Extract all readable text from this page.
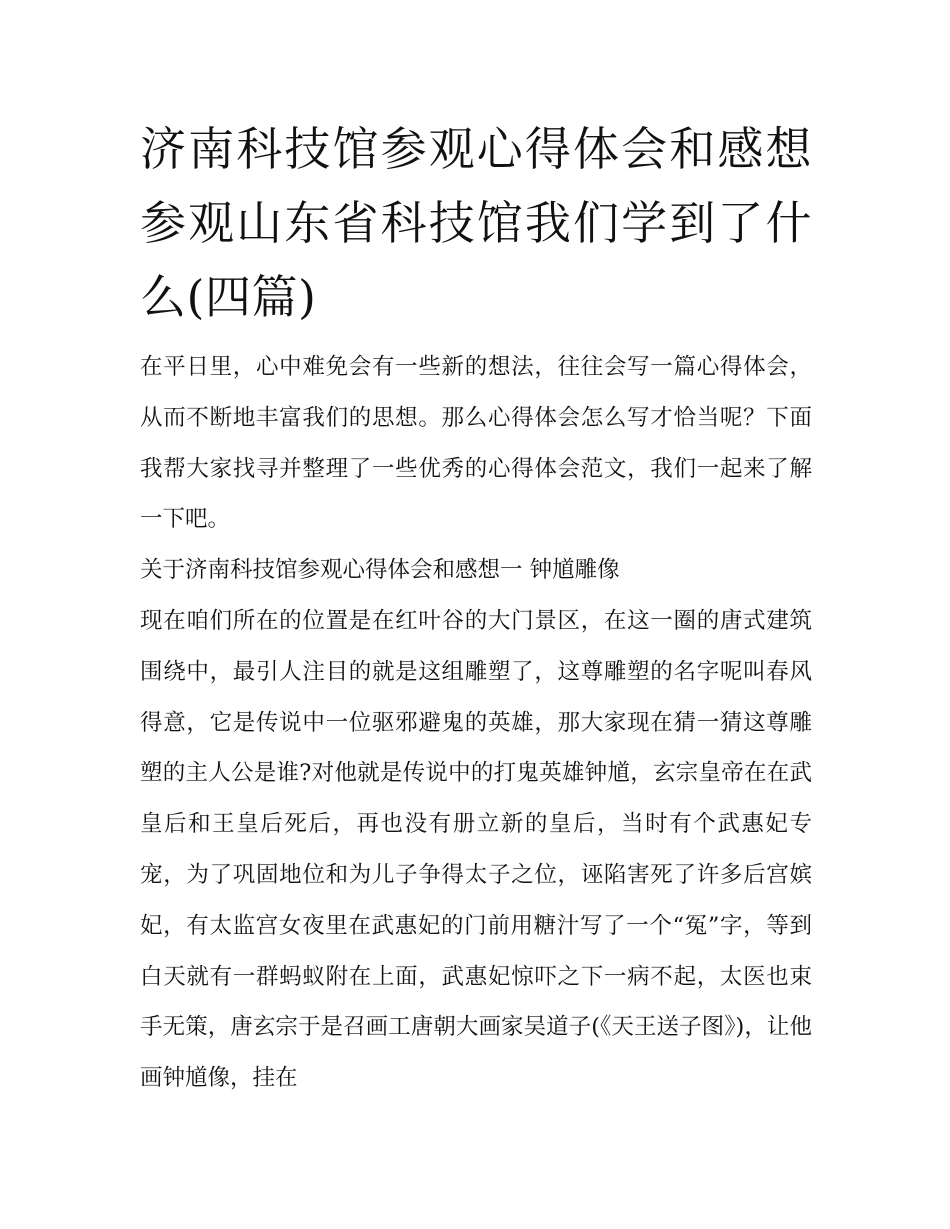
济南科技馆参观心得体会和感想 参观山东省科技馆我们学到了什么(四篇)

在平日里，心中难免会有一些新的想法，往往会写一篇心得体会，从而不断地丰富我们的思想。那么心得体会怎么写才恰当呢？下面我帮大家找寻并整理了一些优秀的心得体会范文，我们一起来了解一下吧。

关于济南科技馆参观心得体会和感想一 钟馗雕像

现在咱们所在的位置是在红叶谷的大门景区，在这一圈的唐式建筑围绕中，最引人注目的就是这组雕塑了，这尊雕塑的名字呢叫春风得意，它是传说中一位驱邪避鬼的英雄，那大家现在猜一猜这尊雕塑的主人公是谁?对他就是传说中的打鬼英雄钟馗，玄宗皇帝在在武皇后和王皇后死后，再也没有册立新的皇后，当时有个武惠妃专宠，为了巩固地位和为儿子争得太子之位，诬陷害死了许多后宫嫔妃，有太监宫女夜里在武惠妃的门前用糖汁写了一个“冤”字，等到白天就有一群蚂蚁附在上面，武惠妃惊吓之下一病不起，太医也束手无策，唐玄宗于是召画工唐朝大画家吴道子(《天王送子图》)，让他画钟馗像，挂在
